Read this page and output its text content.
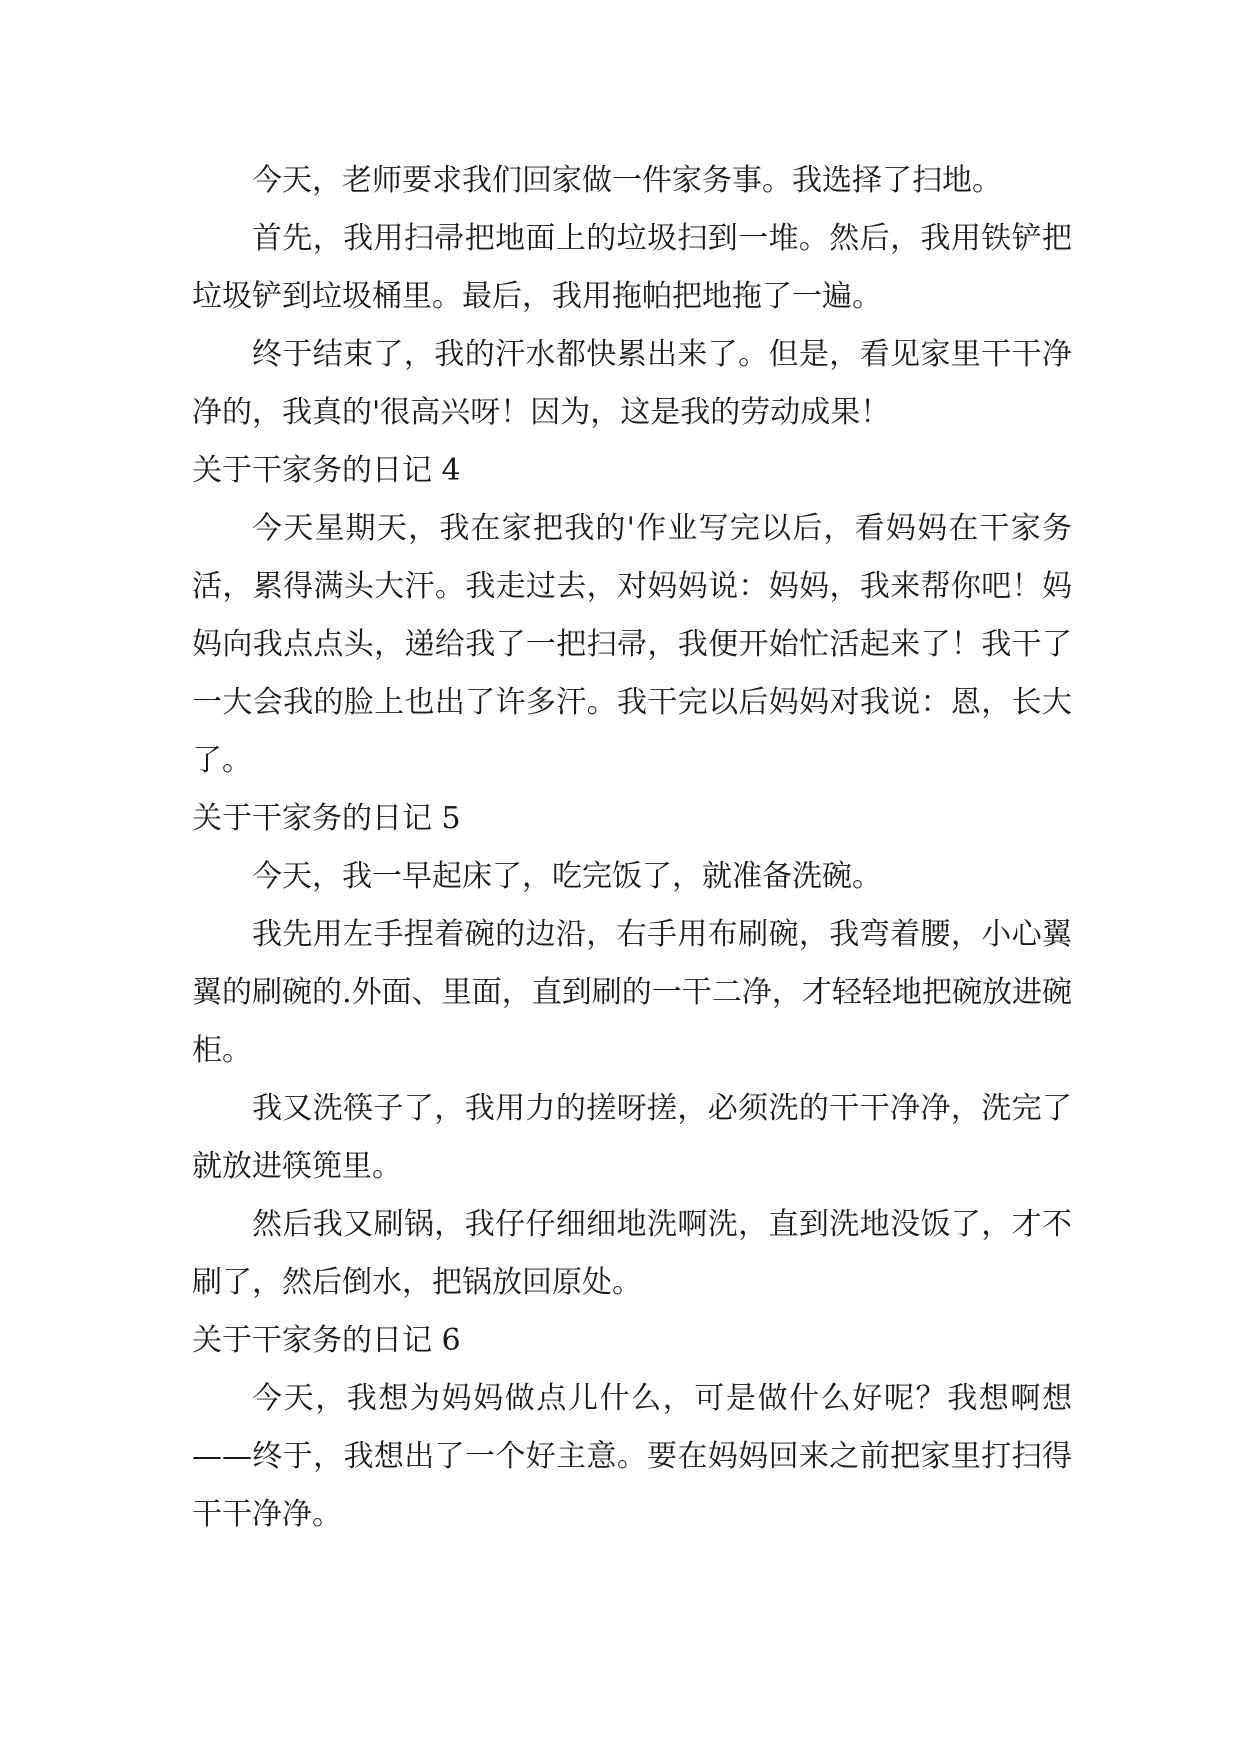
今天，老师要求我们回家做一件家务事。我选择了扫地。

首先，我用扫帚把地面上的垃圾扫到一堆。然后，我用铁铲把垃圾铲到垃圾桶里。最后，我用拖帕把地拖了一遍。

终于结束了，我的汗水都快累出来了。但是，看见家里干干净净的，我真的'很高兴呀！因为，这是我的劳动成果！

关于干家务的日记 4

今天星期天，我在家把我的'作业写完以后，看妈妈在干家务活，累得满头大汗。我走过去，对妈妈说：妈妈，我来帮你吧！妈妈向我点点头，递给我了一把扫帚，我便开始忙活起来了！我干了一大会我的脸上也出了许多汗。我干完以后妈妈对我说：恩，长大了。

关于干家务的日记 5

今天，我一早起床了，吃完饭了，就准备洗碗。

我先用左手捏着碗的边沿，右手用布刷碗，我弯着腰，小心翼翼的刷碗的.外面、里面，直到刷的一干二净，才轻轻地把碗放进碗柜。

我又洗筷子了，我用力的搓呀搓，必须洗的干干净净，洗完了就放进筷篼里。

然后我又刷锅，我仔仔细细地洗啊洗，直到洗地没饭了，才不刷了，然后倒水，把锅放回原处。

关于干家务的日记 6

今天，我想为妈妈做点儿什么，可是做什么好呢？我想啊想——终于，我想出了一个好主意。要在妈妈回来之前把家里打扫得干干净净。
